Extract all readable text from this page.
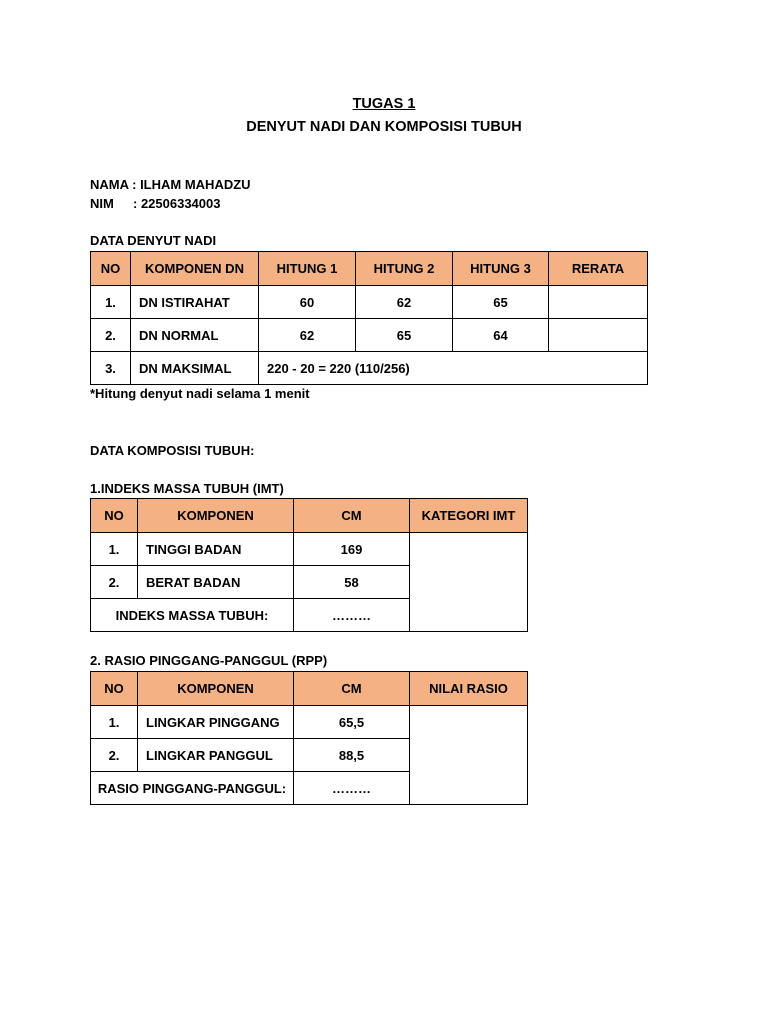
TUGAS 1
DENYUT NADI DAN KOMPOSISI TUBUH
NAMA : ILHAM MAHADZU
NIM : 22506334003
DATA DENYUT NADI
NO	KOMPONEN DN	HITUNG 1	HITUNG 2	HITUNG 3	RERATA
1.	DN ISTIRAHAT	60	62	65	
2.	DN NORMAL	62	65	64	
3.	DN MAKSIMAL	220 - 20 = 220 (110/256)			
*Hitung denyut nadi selama 1 menit
DATA KOMPOSISI TUBUH:
1.INDEKS MASSA TUBUH (IMT)
NO	KOMPONEN	CM	KATEGORI IMT
1.	TINGGI BADAN	169	
2.	BERAT BADAN	58	
INDEKS MASSA TUBUH:		………	
2. RASIO PINGGANG-PANGGUL (RPP)
NO	KOMPONEN	CM	NILAI RASIO
1.	LINGKAR PINGGANG	65,5	
2.	LINGKAR PANGGUL	88,5	
RASIO PINGGANG-PANGGUL:		………	
